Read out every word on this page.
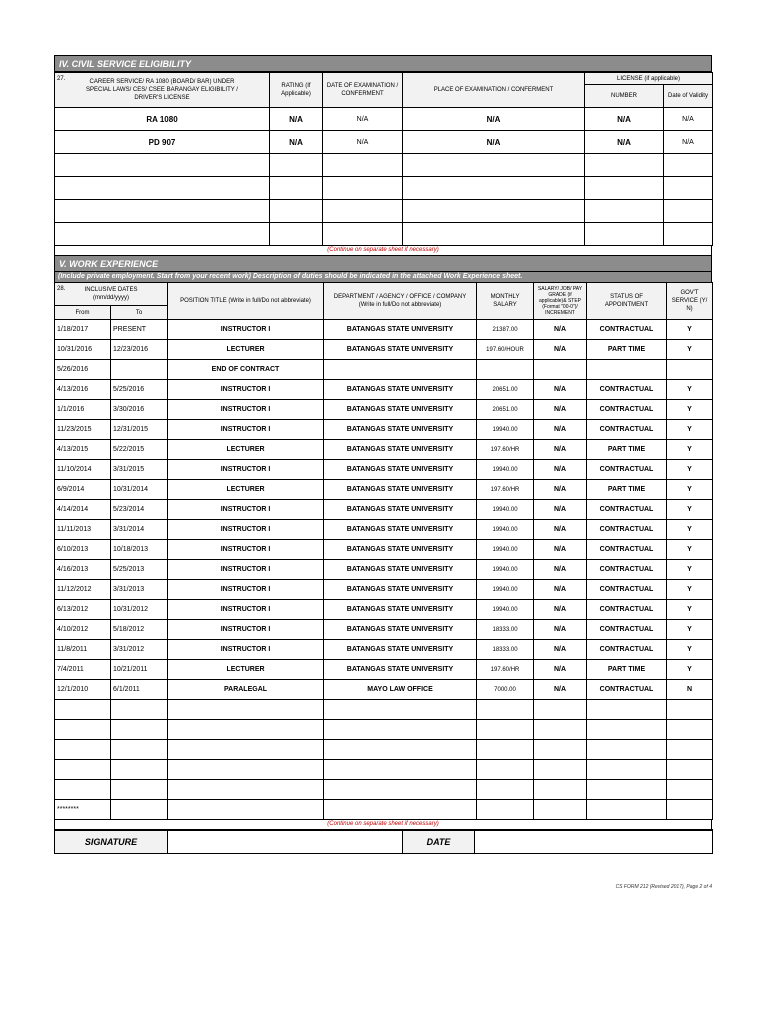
IV. CIVIL SERVICE ELIGIBILITY
27. CAREER SERVICE/ RA 1080 (BOARD/ BAR) UNDER SPECIAL LAWS/ CES/ CSEE BARANGAY ELIGIBILITY / DRIVER'S LICENSE	RATING (If Applicable)	DATE OF EXAMINATION / CONFERMENT	PLACE OF EXAMINATION / CONFERMENT	LICENSE (if applicable)	
				NUMBER	Date of Validity
RA 1080	N/A	N/A	N/A	N/A	N/A
PD 907	N/A	N/A	N/A	N/A	N/A

(Continue on separate sheet if necessary)
V. WORK EXPERIENCE
(Include private employment. Start from your recent work) Description of duties should be indicated in the attached Work Experience sheet.
28. INCLUSIVE DATES (mm/dd/yyyy)		POSITION TITLE (Write in full/Do not abbreviate)	DEPARTMENT / AGENCY / OFFICE / COMPANY (Write in full/Do not abbreviate)	MONTHLY SALARY	SALARY/ JOB/ PAY GRADE (if applicable)& STEP (Format "00-0")/ INCREMENT	STATUS OF APPOINTMENT	GOV'T SERVICE (Y/ N)
From	To						
1/18/2017	PRESENT	INSTRUCTOR I	BATANGAS STATE UNIVERSITY	21387.00	N/A	CONTRACTUAL	Y
10/31/2016	12/23/2016	LECTURER	BATANGAS STATE UNIVERSITY	197.60/HOUR	N/A	PART TIME	Y
5/26/2016		END OF CONTRACT					
4/13/2016	5/25/2016	INSTRUCTOR I	BATANGAS STATE UNIVERSITY	20651.00	N/A	CONTRACTUAL	Y
1/1/2016	3/30/2016	INSTRUCTOR I	BATANGAS STATE UNIVERSITY	20651.00	N/A	CONTRACTUAL	Y
11/23/2015	12/31/2015	INSTRUCTOR I	BATANGAS STATE UNIVERSITY	19940.00	N/A	CONTRACTUAL	Y
4/13/2015	5/22/2015	LECTURER	BATANGAS STATE UNIVERSITY	197.60/HR	N/A	PART TIME	Y
11/10/2014	3/31/2015	INSTRUCTOR I	BATANGAS STATE UNIVERSITY	19940.00	N/A	CONTRACTUAL	Y
6/9/2014	10/31/2014	LECTURER	BATANGAS STATE UNIVERSITY	197.60/HR	N/A	PART TIME	Y
4/14/2014	5/23/2014	INSTRUCTOR I	BATANGAS STATE UNIVERSITY	19940.00	N/A	CONTRACTUAL	Y
11/11/2013	3/31/2014	INSTRUCTOR I	BATANGAS STATE UNIVERSITY	19940.00	N/A	CONTRACTUAL	Y
6/10/2013	10/18/2013	INSTRUCTOR I	BATANGAS STATE UNIVERSITY	19940.00	N/A	CONTRACTUAL	Y
4/16/2013	5/25/2013	INSTRUCTOR I	BATANGAS STATE UNIVERSITY	19940.00	N/A	CONTRACTUAL	Y
11/12/2012	3/31/2013	INSTRUCTOR I	BATANGAS STATE UNIVERSITY	19940.00	N/A	CONTRACTUAL	Y
6/13/2012	10/31/2012	INSTRUCTOR I	BATANGAS STATE UNIVERSITY	19940.00	N/A	CONTRACTUAL	Y
4/10/2012	5/18/2012	INSTRUCTOR I	BATANGAS STATE UNIVERSITY	18333.00	N/A	CONTRACTUAL	Y
11/8/2011	3/31/2012	INSTRUCTOR I	BATANGAS STATE UNIVERSITY	18333.00	N/A	CONTRACTUAL	Y
7/4/2011	10/21/2011	LECTURER	BATANGAS STATE UNIVERSITY	197.60/HR	N/A	PART TIME	Y
12/1/2010	6/1/2011	PARALEGAL	MAYO LAW OFFICE	7000.00	N/A	CONTRACTUAL	N

********							
(Continue on separate sheet if necessary)
SIGNATURE		DATE	
CS FORM 212 (Revised 2017), Page 2 of 4
